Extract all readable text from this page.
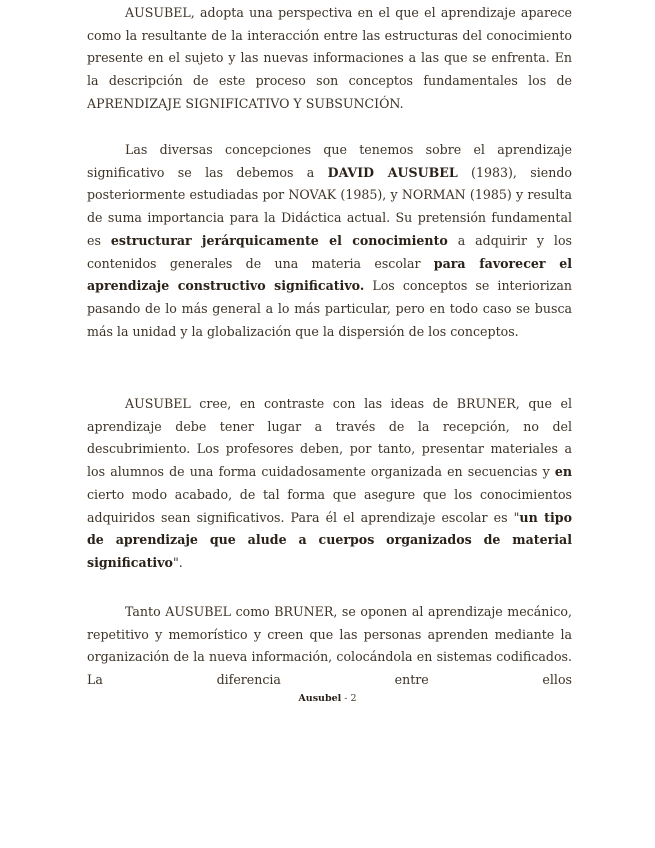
AUSUBEL, adopta una perspectiva en el que el aprendizaje aparece como la resultante de la interacción entre las estructuras del conocimiento presente en el sujeto y las nuevas informaciones a las que se enfrenta. En la descripción de este proceso son conceptos fundamentales los de APRENDIZAJE SIGNIFICATIVO Y SUBSUNCIÓN.

Las diversas concepciones que tenemos sobre el aprendizaje significativo se las debemos a DAVID AUSUBEL (1983), siendo posteriormente estudiadas por NOVAK (1985), y NORMAN (1985) y resulta de suma importancia para la Didáctica actual. Su pretensión fundamental es estructurar jerárquicamente el conocimiento a adquirir y los contenidos generales de una materia escolar para favorecer el aprendizaje constructivo significativo. Los conceptos se interiorizan pasando de lo más general a lo más particular, pero en todo caso se busca más la unidad y la globalización que la dispersión de los conceptos.

AUSUBEL cree, en contraste con las ideas de BRUNER, que el aprendizaje debe tener lugar a través de la recepción, no del descubrimiento. Los profesores deben, por tanto, presentar materiales a los alumnos de una forma cuidadosamente organizada en secuencias y en cierto modo acabado, de tal forma que asegure que los conocimientos adquiridos sean significativos. Para él el aprendizaje escolar es "un tipo de aprendizaje que alude a cuerpos organizados de material significativo".

Tanto AUSUBEL como BRUNER, se oponen al aprendizaje mecánico, repetitivo y memorístico y creen que las personas aprenden mediante la organización de la nueva información, colocándola en sistemas codificados. La diferencia entre ellos

Ausubel - 2
